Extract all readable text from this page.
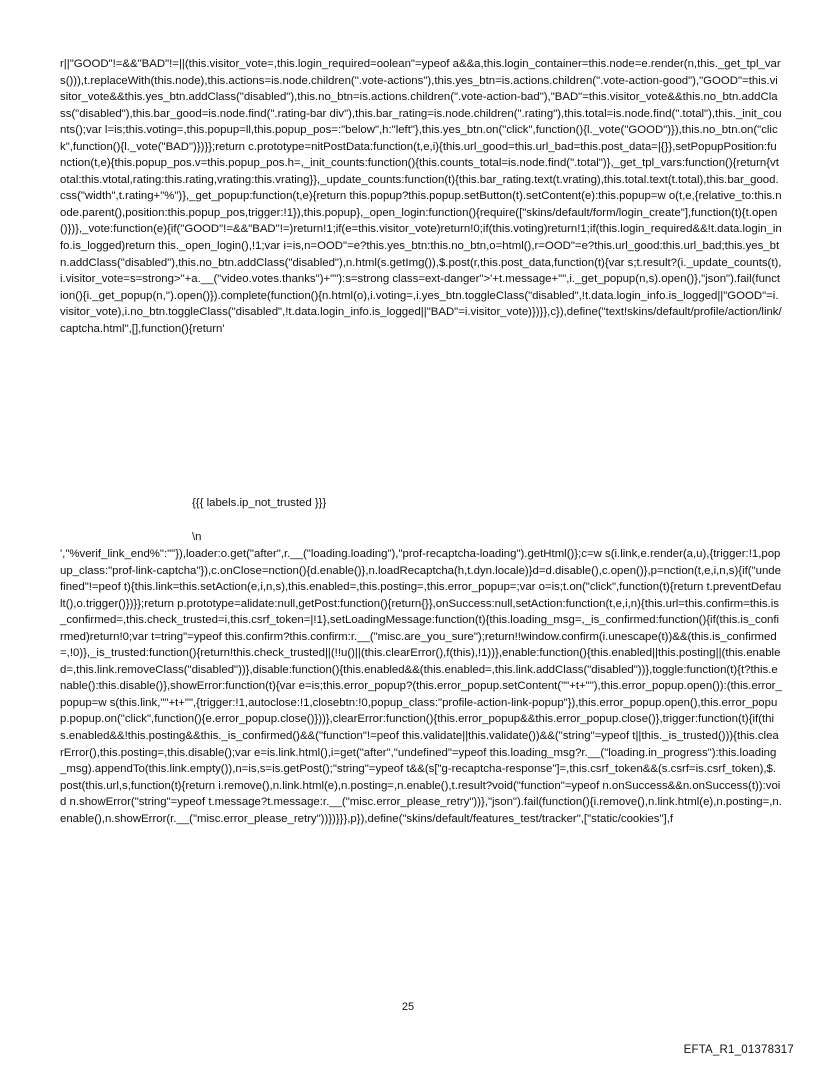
r||"GOOD"!=&&"BAD"!=||(this.visitor_vote=,this.login_required=oolean"=ypeof a&&a,this.login_container=this.node=e.render(n,this._get_tpl_vars())),t.replaceWith(this.node),this.actions=is.node.children(".vote-actions"),this.yes_btn=is.actions.children(".vote-action-good"),"GOOD"=this.visitor_vote&&this.yes_btn.addClass("disabled"),this.no_btn=is.actions.children(".vote-action-bad"),"BAD"=this.visitor_vote&&this.no_btn.addClass("disabled"),this.bar_good=is.node.find(".rating-bar div"),this.bar_rating=is.node.children(".rating"),this.total=is.node.find(".total"),this._init_counts();var l=is;this.voting=,this.popup=ll,this.popup_pos=:"below",h:"left"},this.yes_btn.on("click",function(){l._vote("GOOD")}),this.no_btn.on("click",function(){l._vote("BAD")})}};return c.prototype=nitPostData:function(t,e,i){this.url_good=this.url_bad=this.post_data=|{}},setPopupPosition:function(t,e){this.popup_pos.v=this.popup_pos.h=,_init_counts:function(){this.counts_total=is.node.find(".total")},_get_tpl_vars:function(){return{vtotal:this.vtotal,rating:this.rating,vrating:this.vrating}},_update_counts:function(t){this.bar_rating.text(t.vrating),this.total.text(t.total),this.bar_good.css("width",t.rating+"%")},_get_popup:function(t,e){return this.popup?this.popup.setButton(t).setContent(e):this.popup=w o(t,e,{relative_to:this.node.parent(),position:this.popup_pos,trigger:!1}),this.popup},_open_login:function(){require(["skins/default/form/login_create"],function(t){t.open()})},_vote:function(e){if("GOOD"!=&&"BAD"!=)return!1;if(e=this.visitor_vote)return!0;if(this.voting)return!1;if(this.login_required&&!t.data.login_info.is_logged)return this._open_login(),!1;var i=is,n=OOD"=e?this.yes_btn:this.no_btn,o=html(),r=OOD"=e?this.url_good:this.url_bad;this.yes_btn.addClass("disabled"),this.no_btn.addClass("disabled"),n.html(s.getImg()),$.post(r,this.post_data,function(t){var s;t.result?(i._update_counts(t),i.visitor_vote=s=strong>"+a.__("video.votes.thanks")+""):s=strong class=ext-danger">'+t.message+"",i._get_popup(n,s).open()},"json").fail(function(){i._get_popup(n,'').open()}).complete(function(){n.html(o),i.voting=,i.yes_btn.toggleClass("disabled",!t.data.login_info.is_logged||"GOOD"=i.visitor_vote),i.no_btn.toggleClass("disabled",!t.data.login_info.is_logged||"BAD"=i.visitor_vote)})}},c}),define("text!skins/default/profile/action/link/captcha.html",[],function(){return'

{{{ labels.ip_not_trusted }}}

\n

',"%verif_link_end%":""}),loader:o.get("after",r.__("loading.loading"),"prof-recaptcha-loading").getHtml()};c=w s(i.link,e.render(a,u),{trigger:!1,popup_class:"prof-link-captcha"}),c.onClose=nction(){d.enable()},n.loadRecaptcha(h,t.dyn.locale)}d=d.disable(),c.open()},p=nction(t,e,i,n,s){if("undefined"!=peof t){this.link=this.setAction(e,i,n,s),this.enabled=,this.posting=,this.error_popup=;var o=is;t.on("click",function(t){return t.preventDefault(),o.trigger()})}};return p.prototype=alidate:null,getPost:function(){return{}},onSuccess:null,setAction:function(t,e,i,n){this.url=this.confirm=this.is_confirmed=,this.check_trusted=i,this.csrf_token=|!1},setLoadingMessage:function(t){this.loading_msg=,_is_confirmed:function(){if(this.is_confirmed)return!0;var t=tring"=ypeof this.confirm?this.confirm:r.__("misc.are_you_sure");return!!window.confirm(i.unescape(t))&&(this.is_confirmed=,!0)},_is_trusted:function(){return!this.check_trusted||(!!u()||(this.clearError(),f(this),!1))},enable:function(){this.enabled||this.posting||(this.enabled=,this.link.removeClass("disabled"))},disable:function(){this.enabled&&(this.enabled=,this.link.addClass("disabled"))},toggle:function(t){t?this.enable():this.disable()},showError:function(t){var e=is;this.error_popup?(this.error_popup.setContent(""+t+""),this.error_popup.open()):(this.error_popup=w s(this.link,""+t+"",{trigger:!1,autoclose:!1,closebtn:!0,popup_class:"profile-action-link-popup"}),this.error_popup.open(),this.error_popup.popup.on("click",function(){e.error_popup.close()}))},clearError:function(){this.error_popup&&this.error_popup.close()},trigger:function(t){if(this.enabled&&!this.posting&&this._is_confirmed()&&("function"!=peof this.validate||this.validate())&&("string"=ypeof t||this._is_trusted())){this.clearError(),this.posting=,this.disable();var e=is.link.html(),i=get("after","undefined"=ypeof this.loading_msg?r.__("loading.in_progress"):this.loading_msg).appendTo(this.link.empty()),n=is,s=is.getPost();"string"=ypeof t&&(s["g-recaptcha-response"]=,this.csrf_token&&(s.csrf=is.csrf_token),$.post(this.url,s,function(t){return i.remove(),n.link.html(e),n.posting=,n.enable(),t.result?void("function"=ypeof n.onSuccess&&n.onSuccess(t)):void n.showError("string"=ypeof t.message?t.message:r.__("misc.error_please_retry"))},"json").fail(function(){i.remove(),n.link.html(e),n.posting=,n.enable(),n.showError(r.__("misc.error_please_retry"))})}}},p}),define("skins/default/features_test/tracker",["static/cookies"],f

25
EFTA_R1_01378317
